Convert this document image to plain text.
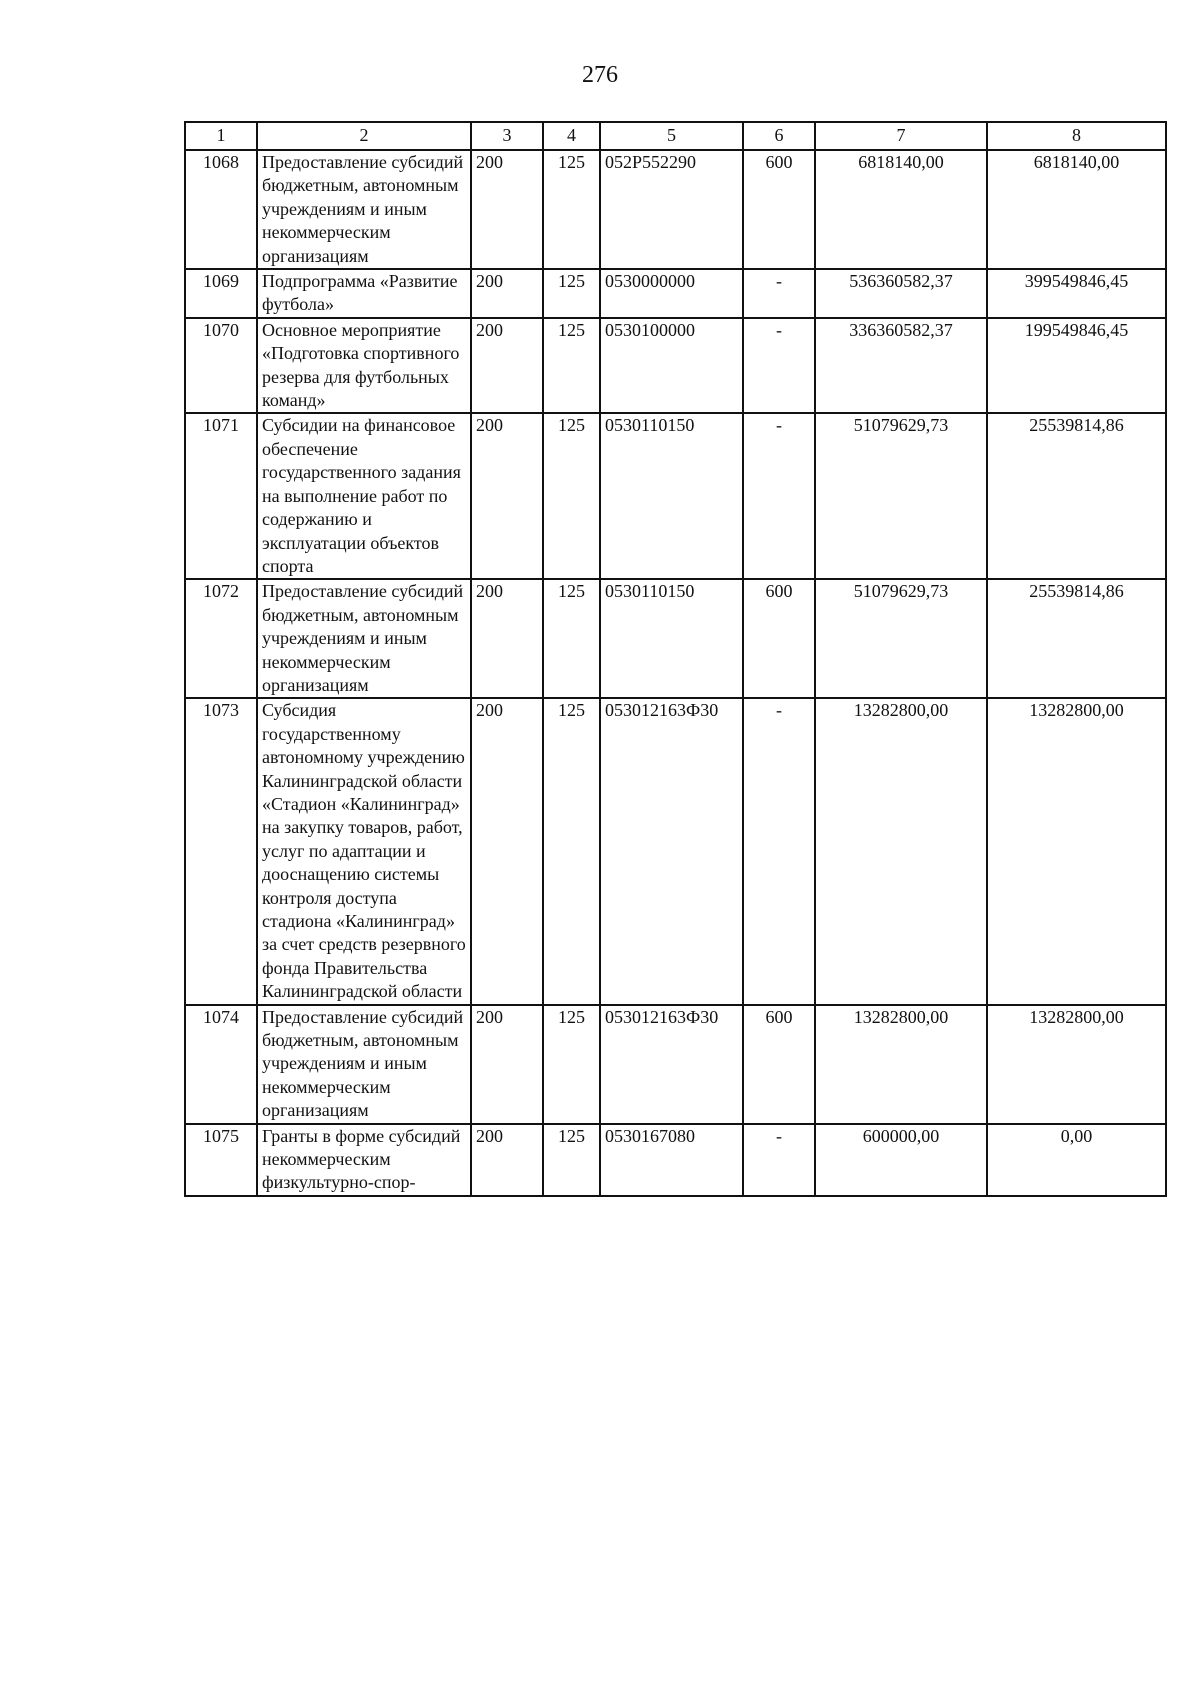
276
1	2	3	4	5	6	7	8
1068	Предоставление субсидий бюджетным, автономным учреждениям и иным некоммерческим организациям	200	125	052P552290	600	6818140,00	6818140,00
1069	Подпрограмма «Развитие футбола»	200	125	0530000000	-	536360582,37	399549846,45
1070	Основное мероприятие «Подготовка спортивного резерва для футбольных команд»	200	125	0530100000	-	336360582,37	199549846,45
1071	Субсидии на финансовое обеспечение государственного задания на выполнение работ по содержанию и эксплуатации объектов спорта	200	125	0530110150	-	51079629,73	25539814,86
1072	Предоставление субсидий бюджетным, автономным учреждениям и иным некоммерческим организациям	200	125	0530110150	600	51079629,73	25539814,86
1073	Субсидия государственному автономному учреждению Калининградской области «Стадион «Калининград» на закупку товаров, работ, услуг по адаптации и дооснащению системы контроля доступа стадиона «Калининград» за счет средств резервного фонда Правительства Калининградской области	200	125	053012163Ф30	-	13282800,00	13282800,00
1074	Предоставление субсидий бюджетным, автономным учреждениям и иным некоммерческим организациям	200	125	053012163Ф30	600	13282800,00	13282800,00
1075	Гранты в форме субсидий некоммерческим физкультурно-спор-	200	125	0530167080	-	600000,00	0,00
